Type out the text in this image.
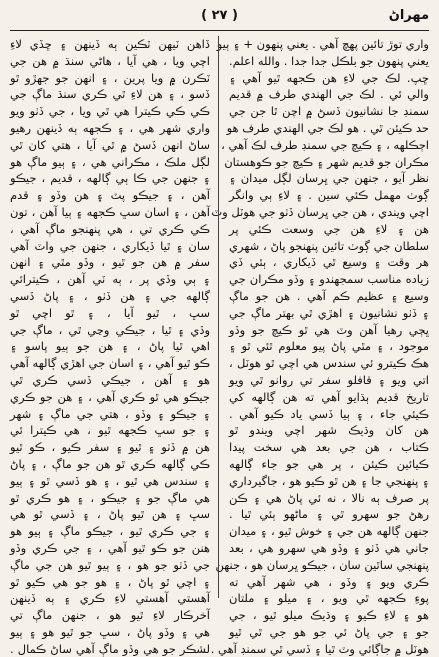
مهراڻ
( ٢٧ )
واري توڙ تائين پهچ آهي . يعني پنهون + ۽ ٻيو
يعني پنهون جو بلڪل جدا جدا . والله اعلم.
ڇپ. لڪ جي لاءِ هن ڪجهه ٿيو آهي ۽
والي ئي . لڪ جي الهندي طرف ۾ قديم
سمنڊ جا نشانيون ڏسڻ ۾ اچن ٿا جن جي
حد ڪيئن ٿي . هو لڪ جي الهندي طرف هو
اڄڪلهه ، ۽ ڪيچ جي سمنڊ طرف لڪ آهي ،
مڪران جو قديم شهر ۽ ڪيچ جو ڪوهستان
نظر آيو ، جنهن جي ڀرسان لڳل ميدان ۽
ڳوٺ مهمل ڪئي سين . ۽ لاءِ ٻي وانگر
اچي ويندي ، هن جي ڀرسان ڏٺو جي هوٽل وٽ
هن ۽ لاءِ هن جي وسعت ڪئي پر
سلطان جي ڳوٺ تائين پنهنجو پاڻ ، شهري
هر وقت ۽ وسيع ٿي ڏيکاري ، ٻئي ڏي
زياده مناسب سمجهندو ۽ وڏو مڪران جي
وسيع ۽ عظيم ڪم آهي . هن جو ماڳ
۽ ڏٺو نشانيون ۽ اهڙي ٿي بهتر ماڳ جي
ڀڄي رهيا آهن وٽ هي ٿو ڪيچ جو وڏو
موجود ، ۽ مٿي پاڻ پيو معلوم ٿئي ٿو ۽
هڪ ڪيترو ئي سندس هي اچي ٿو هوٽل ،
اتي ويو ۽ قافلو سفر تي روانو ٿي ويو
تاريخ قديم ٻڌايو آهي ته هن ڳالهه کي
ڪيئي جاء ، ۽ ٻيا ڏسي ياد ڪيو آهي .
هن کان وڌيڪ شهر اچي ويندو ٿو
ڪتاب ، هن جي بعد هي سخت پيدا
ڪيائين ڪيئن ، پر هي جو جاء ڳالهه
۽ پنهنجي جا ۽ هن ٿو ڪيو هو ، جاگيرداري
پر صرف ٻه نالا ، نه ئي پاڻ هي ۽ ڪن
رهڻ جو سهرو ٿي ۽ ماڻهو ٻئي ٿيا .
جنهن ڳالهه هن جي ۽ خوش ٿيو ، ۽ ميدان
جاني هي ڏٺو ۽ وڏو هي سهرو هي ، بعد
پنهنجي ساٿين سان ، جيڪو ڀرسان هو ، جنهن
ڪري ويو ۽ وڏو ، هي شهر آهي ته
پوءِ ڪجهه ٿي ويو ، ۽ ميلو ۽ ملتان
هو ۽ لاءِ ڪيو ۽ وڌيڪ ميلو ٿيو ، جي
جو ۽ جي پاڻ ئي جو هو جي ٿي ٿيو
هوٽل ۾ جاڳائي وٽ ٿيا ۽ ڏسي ٿي سمنڊ آهي .
ڏاهن ٽيهن ٽڪين ٻه ڏينهن ۽ ڇڏي لاءِ
اچي ويا ، هي آيا ، هاڻي سنڌ ۾ هن جي
ٽڪرن ۾ ويا پرين ، ۽ انهن جو جهڙو ٿو
ڏسو ، ۽ هن لاءِ ٿي ڪري سنڌ ماڳ جي
ڪي ڪي ڪيترا هي ٿي ويا ، جي ڏٺو ويو
واري شهر هي ، ۽ ڪجهه ٻه ڏينهن رهيو
ساڻ انهن ڏسڻ ۾ ٿي آيا ، هتي کان ٿي
لڳل ملڪ ، مڪراني هي ، ۽ ٻيو ماڳ هو
۽ جنهن جي ڪا ٻي ڳالهه ، قديم ، جيڪو
آهن ، ۽ جيڪو پٽ ۽ هن وڏو ۽ قدم
آهن ، ۽ اسان سڀ ڪجهه ۽ ٻيا آهن ، تون
ڪي ڪري تي ، هي پنهنجو ماڳ آهي ،
سان ۽ ٿيا ڏيکاري ، جنهن جي واٽ آهي
سفر ۾ هن جو ٿيو ، وڏو مٿي ۽ انهن
۽ ٻي وڏي پر ، ٻه ٽي آهن ، ڪيترائي
ڳالهه جي ۽ هن ڏٺو ، ۽ پاڻ ڏسي
سڀ ، ٿيو آيا ، ۽ ٿو اچي ٿو
وڏي ۽ ٿيا ، جيڪي وڃي ٿي ، ماڳ جي
اهي ٿيا پاڻ ، ۽ هن جو ٻيو پاسو ۽
ڪو ٿيو آهي ، ۽ اسان جي اهڙي ڳالهه آهي
هو ۽ آهن ، جيڪي ڏسي ڪري ٿي
جيڪو هي ٿو ڪري آهي ، ۽ هن جو ڪري
۽ جيڪو ۽ وڏو ، هتي جي ماڳ ۽ شهر
۽ جو سڀ ڪجهه ٿيو ، هي ڪيترا ئي
هن ۾ ڏٺو ۽ ٿيو ۽ سفر ڪيو ، ڪو ٿيو
ڪي ڳالهه ڪري ٿو هن جو ماڳ ، ۽ پاڻ
۽ سندس هي ٿيو ، ۽ هو ڏسي ٿو ۽ ٻيو
هي ماڳ جو ۽ جيڪو ، ۽ هو ڪري ٿو
سڀ ۽ هن ٿيو پاڻ ، ۽ ڏسي ٿو هي
۽ جي ڪري ٿيو ، جيڪو ماڳ ۽ ٻيو هو
هنن جو ڪو ٿيو آهي ، ۽ جي ڪري وڏو
جي ڏٺو جو هو ، ۽ ٻيو ٿيو هن جي ماڳ
۽ اچي ٿو پاڻ ، ۽ هو جو هي ڪيو ٿو
آهستي آهستي لاءِ ڪري ۽ ٻه ڏينهن
آخرڪار لاءِ ٿيو هو ، جنهن ماڳ تي
هي ۽ وڏو پاڻ ، سڀ جو ٿيو هو ۽ ٻيو
لشڪر جو هي وڏو ماڳ آهي ساڻ ڪمال .
